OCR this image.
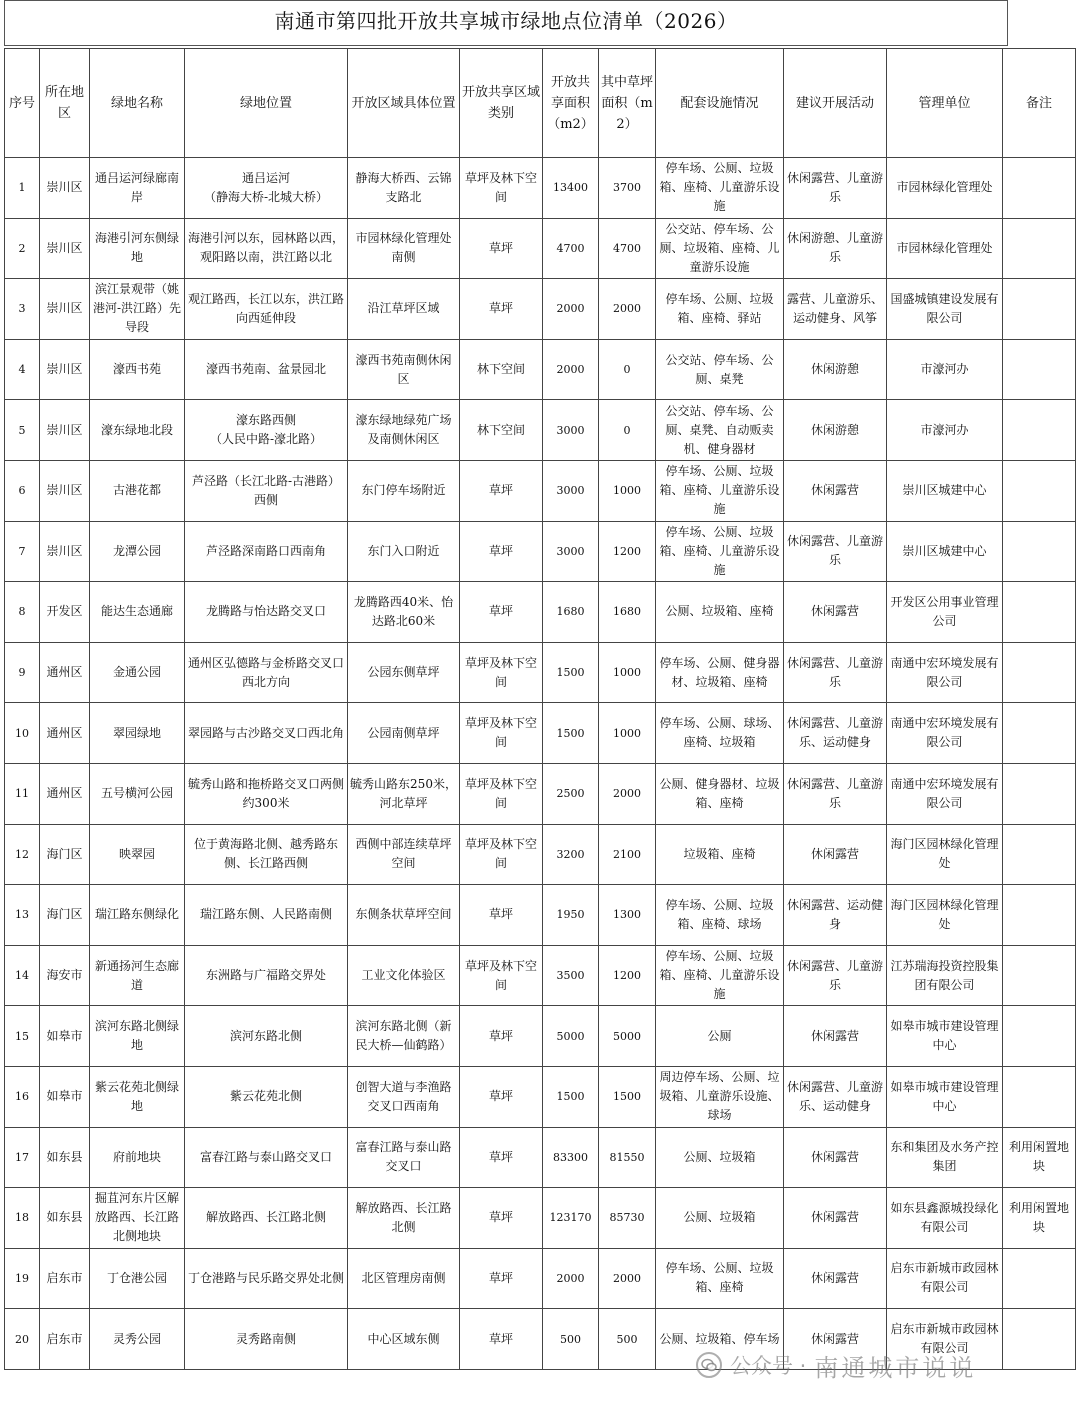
南通市第四批开放共享城市绿地点位清单（2026）
序号	所在地区	绿地名称	绿地位置	开放区域具体位置	开放共享区域类别	开放共享面积（m2）	其中草坪面积（m2）	配套设施情况	建议开展活动	管理单位	备注
1	崇川区	通吕运河绿廊南岸	通吕运河
（静海大桥-北城大桥）	静海大桥西、云锦支路北	草坪及林下空间	13400	3700	停车场、公厕、垃圾箱、座椅、儿童游乐设施	休闲露营、儿童游乐	市园林绿化管理处	
2	崇川区	海港引河东侧绿地	海港引河以东，园林路以西，观阳路以南，洪江路以北	市园林绿化管理处南侧	草坪	4700	4700	公交站、停车场、公厕、垃圾箱、座椅、儿童游乐设施	休闲游憩、儿童游乐	市园林绿化管理处	
3	崇川区	滨江景观带（姚港河-洪江路）先导段	观江路西，长江以东，洪江路向西延伸段	沿江草坪区域	草坪	2000	2000	停车场、公厕、垃圾箱、座椅、驿站	露营、儿童游乐、运动健身、风筝	国盛城镇建设发展有限公司	
4	崇川区	濠西书苑	濠西书苑南、盆景园北	濠西书苑南侧休闲区	林下空间	2000	0	公交站、停车场、公厕、桌凳	休闲游憩	市濠河办	
5	崇川区	濠东绿地北段	濠东路西侧
（人民中路-濠北路）	濠东绿地绿苑广场及南侧休闲区	林下空间	3000	0	公交站、停车场、公厕、桌凳、自动贩卖机、健身器材	休闲游憩	市濠河办	
6	崇川区	古港花都	芦泾路（长江北路-古港路）西侧	东门停车场附近	草坪	3000	1000	停车场、公厕、垃圾箱、座椅、儿童游乐设施	休闲露营	崇川区城建中心	
7	崇川区	龙潭公园	芦泾路深南路口西南角	东门入口附近	草坪	3000	1200	停车场、公厕、垃圾箱、座椅、儿童游乐设施	休闲露营、儿童游乐	崇川区城建中心	
8	开发区	能达生态通廊	龙腾路与怡达路交叉口	龙腾路西40米、怡达路北60米	草坪	1680	1680	公厕、垃圾箱、座椅	休闲露营	开发区公用事业管理公司	
9	通州区	金通公园	通州区弘德路与金桥路交叉口西北方向	公园东侧草坪	草坪及林下空间	1500	1000	停车场、公厕、健身器材、垃圾箱、座椅	休闲露营、儿童游乐	南通中宏环境发展有限公司	
10	通州区	翠园绿地	翠园路与古沙路交叉口西北角	公园南侧草坪	草坪及林下空间	1500	1000	停车场、公厕、球场、座椅、垃圾箱	休闲露营、儿童游乐、运动健身	南通中宏环境发展有限公司	
11	通州区	五号横河公园	毓秀山路和拖桥路交叉口两侧约300米	毓秀山路东250米，河北草坪	草坪及林下空间	2500	2000	公厕、健身器材、垃圾箱、座椅	休闲露营、儿童游乐	南通中宏环境发展有限公司	
12	海门区	映翠园	位于黄海路北侧、越秀路东侧、长江路西侧	西侧中部连续草坪空间	草坪及林下空间	3200	2100	垃圾箱、座椅	休闲露营	海门区园林绿化管理处	
13	海门区	瑞江路东侧绿化	瑞江路东侧、人民路南侧	东侧条状草坪空间	草坪	1950	1300	停车场、公厕、垃圾箱、座椅、球场	休闲露营、运动健身	海门区园林绿化管理处	
14	海安市	新通扬河生态廊道	东洲路与广福路交界处	工业文化体验区	草坪及林下空间	3500	1200	停车场、公厕、垃圾箱、座椅、儿童游乐设施	休闲露营、儿童游乐	江苏瑞海投资控股集团有限公司	
15	如皋市	滨河东路北侧绿地	滨河东路北侧	滨河东路北侧（新民大桥—仙鹤路）	草坪	5000	5000	公厕	休闲露营	如皋市城市建设管理中心	
16	如皋市	紫云花苑北侧绿地	紫云花苑北侧	创智大道与李渔路交叉口西南角	草坪	1500	1500	周边停车场、公厕、垃圾箱、儿童游乐设施、球场	休闲露营、儿童游乐、运动健身	如皋市城市建设管理中心	
17	如东县	府前地块	富春江路与泰山路交叉口	富春江路与泰山路交叉口	草坪	83300	81550	公厕、垃圾箱	休闲露营	东和集团及水务产控集团	利用闲置地块
18	如东县	掘苴河东片区解放路西、长江路北侧地块	解放路西、长江路北侧	解放路西、长江路北侧	草坪	123170	85730	公厕、垃圾箱	休闲露营	如东县鑫源城投绿化有限公司	利用闲置地块
19	启东市	丁仓港公园	丁仓港路与民乐路交界处北侧	北区管理房南侧	草坪	2000	2000	停车场、公厕、垃圾箱、座椅	休闲露营	启东市新城市政园林有限公司	
20	启东市	灵秀公园	灵秀路南侧	中心区域东侧	草坪	500	500	公厕、垃圾箱、停车场	休闲露营	启东市新城市政园林有限公司	
公众号 · 南通城市说说
